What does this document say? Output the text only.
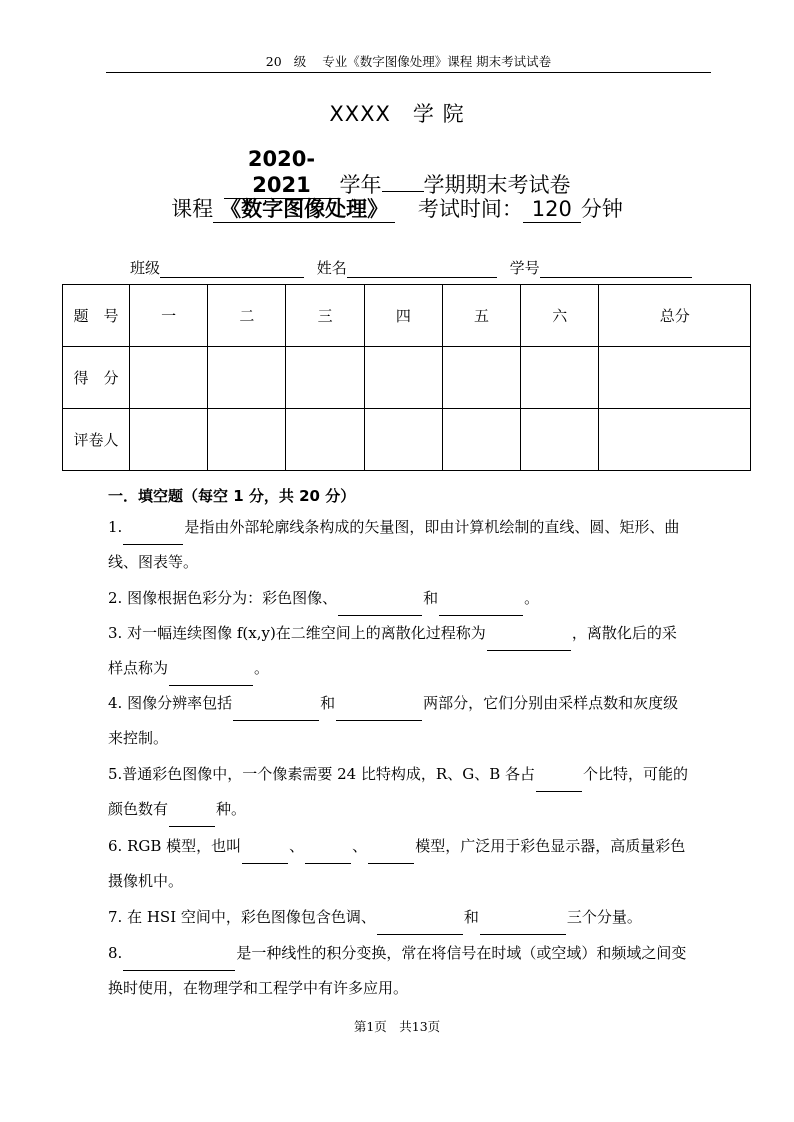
20 级 专业《数字图像处理》课程 期末考试试卷
XXXX 学 院
2020-2021 学年 学期期末考试卷
课程 《数字图像处理》 考试时间： 120 分钟
班级	姓名	学号
题　号	一	二	三	四	五	六	总分
得　分							
评卷人							
一．填空题（每空 1 分，共 20 分）
1.	是指由外部轮廓线条构成的矢量图，即由计算机绘制的直线、圆、矩形、曲
线、图表等。
2. 图像根据色彩分为：彩色图像、	和	。
3. 对一幅连续图像 f(x,y)在二维空间上的离散化过程称为	，离散化后的采
样点称为	。
4. 图像分辨率包括	和	两部分，它们分别由采样点数和灰度级
来控制。
5.普通彩色图像中，一个像素需要 24 比特构成，R、G、B 各占	个比特，可能的
颜色数有	种。
6. RGB 模型，也叫	、	、	模型，广泛用于彩色显示器，高质量彩色
摄像机中。
7. 在 HSI 空间中，彩色图像包含色调、	和	三个分量。
8.	是一种线性的积分变换，常在将信号在时域（或空域）和频域之间变
换时使用，在物理学和工程学中有许多应用。
第1页　共13页
